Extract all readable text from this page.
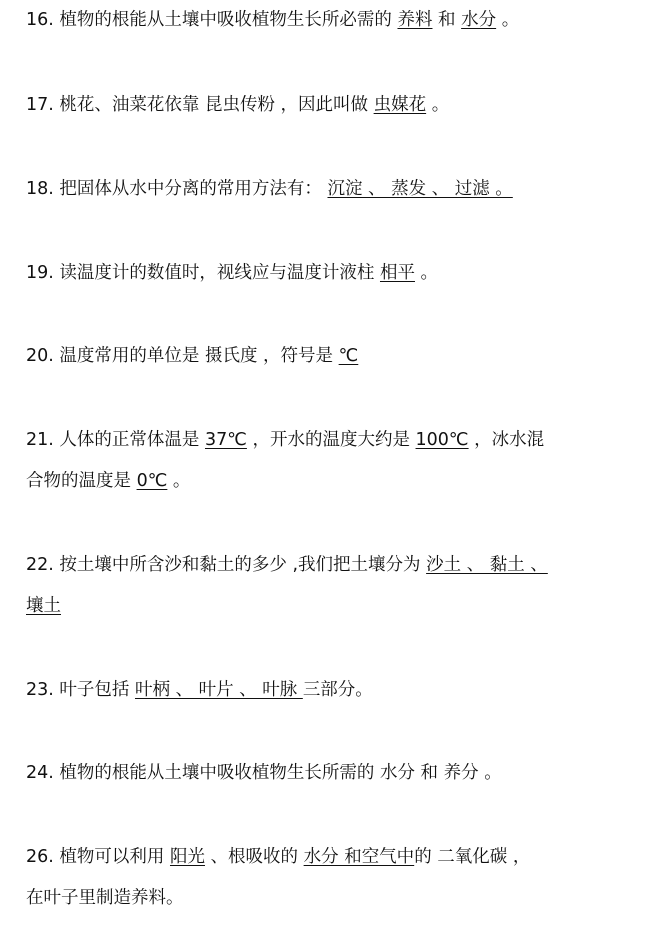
16. 植物的根能从土壤中吸收植物生长所必需的 养料 和 水分 。
17. 桃花、油菜花依靠 昆虫传粉 ，因此叫做 虫媒花 。
18. 把固体从水中分离的常用方法有： 沉淀 、 蒸发 、 过滤 。
19. 读温度计的数值时，视线应与温度计液柱 相平 。
20. 温度常用的单位是 摄氏度 ，符号是 ℃
21. 人体的正常体温是 37℃ ，开水的温度大约是 100℃ ，冰水混
合物的温度是 0℃ 。
22. 按土壤中所含沙和黏土的多少 ,我们把土壤分为 沙土 、 黏土 、
壤土
23. 叶子包括 叶柄 、 叶片 、 叶脉 三部分。
24. 植物的根能从土壤中吸收植物生长所需的 水分 和 养分 。
26. 植物可以利用 阳光 、根吸收的 水分 和空气中的 二氧化碳 ，
在叶子里制造养料。
